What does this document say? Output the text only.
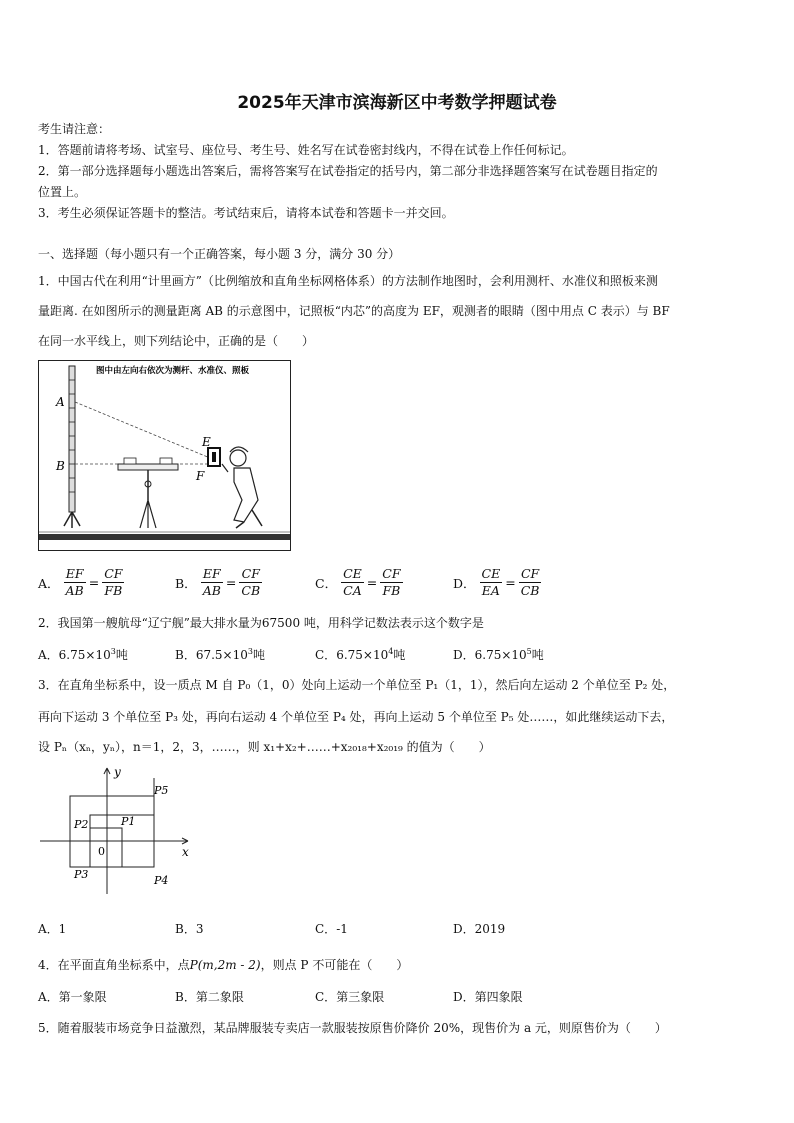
2025年天津市滨海新区中考数学押题试卷
考生请注意：
1．答题前请将考场、试室号、座位号、考生号、姓名写在试卷密封线内，不得在试卷上作任何标记。
2．第一部分选择题每小题选出答案后，需将答案写在试卷指定的括号内，第二部分非选择题答案写在试卷题目指定的
位置上。
3．考生必须保证答题卡的整洁。考试结束后，请将本试卷和答题卡一并交回。
一、选择题（每小题只有一个正确答案，每小题 3 分，满分 30 分）
1．中国古代在利用“计里画方”（比例缩放和直角坐标网格体系）的方法制作地图时，会利用测杆、水准仪和照板来测
量距离. 在如图所示的测量距离 AB 的示意图中，记照板“内芯”的高度为 EF，观测者的眼睛（图中用点 C 表示）与 BF
在同一水平线上，则下列结论中，正确的是（　　）
图中由左向右依次为测杆、水准仪、照板
A
B
E
F
A． $\frac{EF}{AB} = \frac{CF}{FB}$	B． $\frac{EF}{AB} = \frac{CF}{CB}$	C． $\frac{CE}{CA} = \frac{CF}{FB}$	D． $\frac{CE}{EA} = \frac{CF}{CB}$
2．我国第一艘航母“辽宁舰”最大排水量为67500 吨，用科学记数法表示这个数字是
A．$6.75\times 10^3$吨	B．$67.5\times 10^3$吨	C．$6.75\times 10^4$吨	D．$6.75\times 10^5$吨
3．在直角坐标系中，设一质点 M 自 P₀（1，0）处向上运动一个单位至 P₁（1，1），然后向左运动 2 个单位至 P₂ 处，
再向下运动 3 个单位至 P₃ 处，再向右运动 4 个单位至 P₄ 处，再向上运动 5 个单位至 P₅ 处……，如此继续运动下去，
设 Pₙ（xₙ，yₙ），n＝1，2，3，……，则 x₁+x₂+……+x₂₀₁₈+x₂₀₁₉ 的值为（　　）
y
x
0
P1
P2
P3	P4
P5
A．1	B．3	C．-1	D．2019
4．在平面直角坐标系中，点P(m,2m - 2)，则点 P 不可能在（　　）
A．第一象限	B．第二象限	C．第三象限	D．第四象限
5．随着服装市场竞争日益激烈，某品牌服装专卖店一款服装按原售价降价 20%，现售价为 a 元，则原售价为（　　）
